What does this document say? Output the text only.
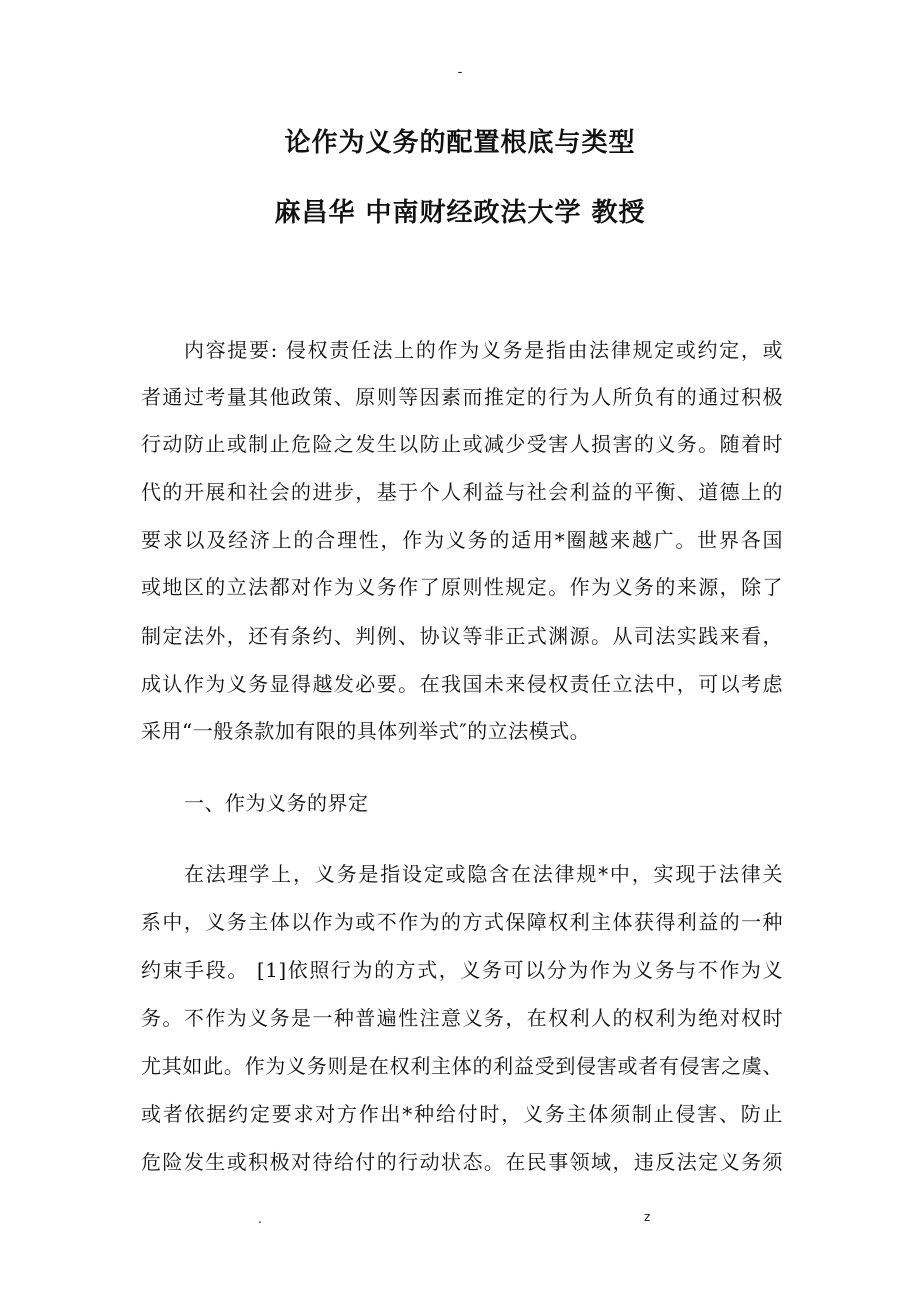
-
论作为义务的配置根底与类型
麻昌华 中南财经政法大学 教授
内容提要: 侵权责任法上的作为义务是指由法律规定或约定，或
者通过考量其他政策、原则等因素而推定的行为人所负有的通过积极
行动防止或制止危险之发生以防止或减少受害人损害的义务。随着时
代的开展和社会的进步，基于个人利益与社会利益的平衡、道德上的
要求以及经济上的合理性，作为义务的适用*圈越来越广。世界各国
或地区的立法都对作为义务作了原则性规定。作为义务的来源，除了
制定法外，还有条约、判例、协议等非正式渊源。从司法实践来看，
成认作为义务显得越发必要。在我国未来侵权责任立法中，可以考虑
采用“一般条款加有限的具体列举式″的立法模式。
一、作为义务的界定
在法理学上，义务是指设定或隐含在法律规*中，实现于法律关
系中，义务主体以作为或不作为的方式保障权利主体获得利益的一种
约束手段。 [1]依照行为的方式，义务可以分为作为义务与不作为义
务。不作为义务是一种普遍性注意义务，在权利人的权利为绝对权时
尤其如此。作为义务则是在权利主体的利益受到侵害或者有侵害之虞、
或者依据约定要求对方作出*种给付时，义务主体须制止侵害、防止
危险发生或积极对待给付的行动状态。在民事领域，违反法定义务须
.	z
